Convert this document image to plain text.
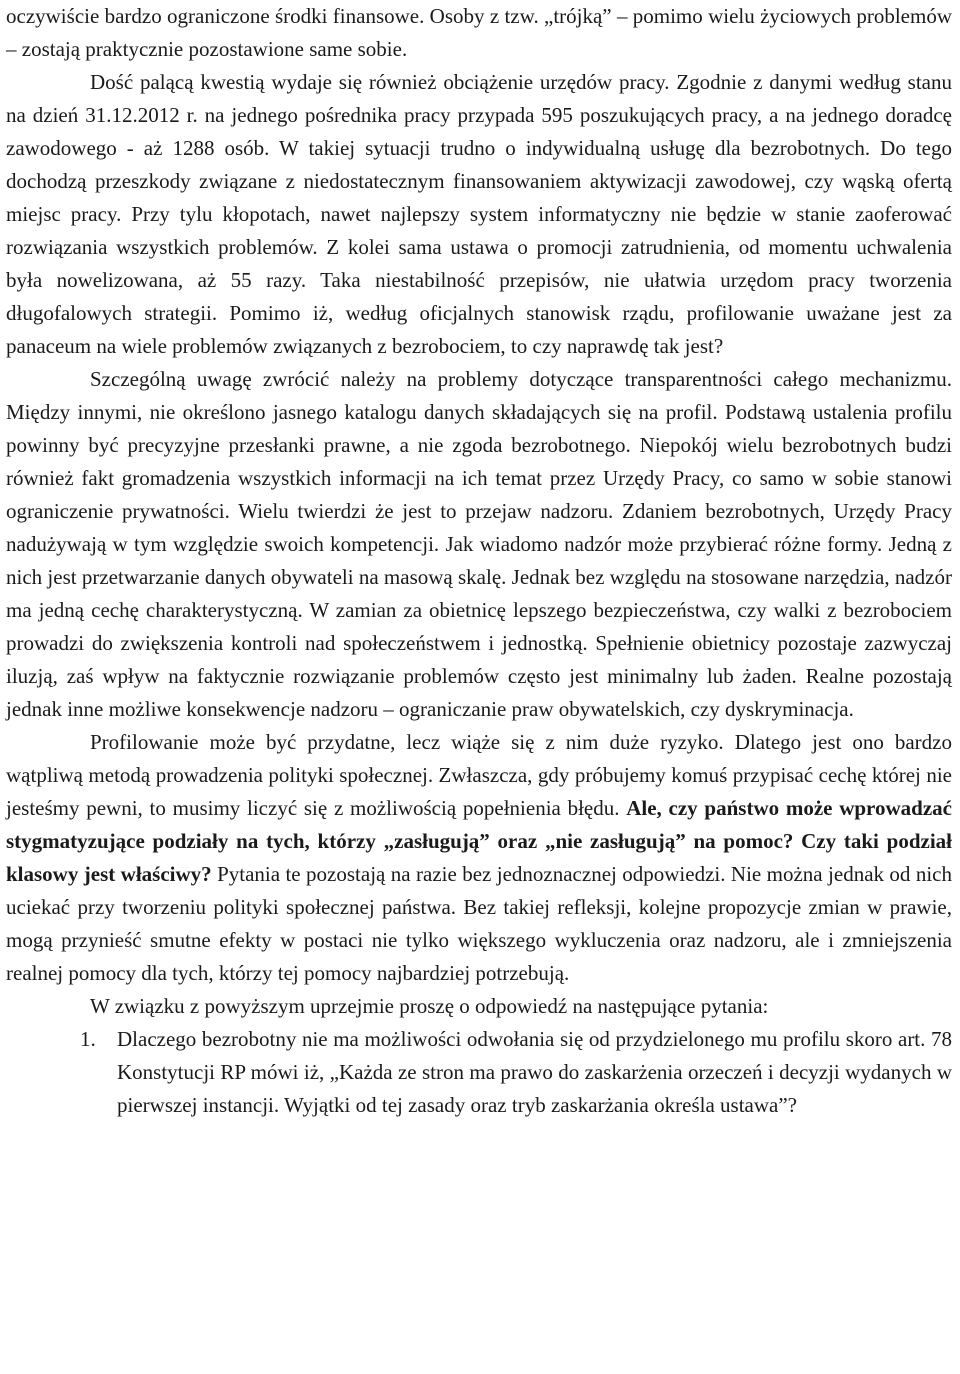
oczywiście bardzo ograniczone środki finansowe. Osoby z tzw. „trójką” – pomimo wielu życiowych problemów – zostają praktycznie pozostawione same sobie.

Dość palącą kwestią wydaje się również obciążenie urzędów pracy. Zgodnie z danymi według stanu na dzień 31.12.2012 r. na jednego pośrednika pracy przypada 595 poszukujących pracy, a na jednego doradcę zawodowego - aż 1288 osób. W takiej sytuacji trudno o indywidualną usługę dla bezrobotnych. Do tego dochodzą przeszkody związane z niedostatecznym finansowaniem aktywizacji zawodowej, czy wąską ofertą miejsc pracy. Przy tylu kłopotach, nawet najlepszy system informatyczny nie będzie w stanie zaoferować rozwiązania wszystkich problemów. Z kolei sama ustawa o promocji zatrudnienia, od momentu uchwalenia była nowelizowana, aż 55 razy. Taka niestabilność przepisów, nie ułatwia urzędom pracy tworzenia długofalowych strategii. Pomimo iż, według oficjalnych stanowisk rządu, profilowanie uważane jest za panaceum na wiele problemów związanych z bezrobociem, to czy naprawdę tak jest?

Szczególną uwagę zwrócić należy na problemy dotyczące transparentności całego mechanizmu. Między innymi, nie określono jasnego katalogu danych składających się na profil. Podstawą ustalenia profilu powinny być precyzyjne przesłanki prawne, a nie zgoda bezrobotnego. Niepokój wielu bezrobotnych budzi również fakt gromadzenia wszystkich informacji na ich temat przez Urzędy Pracy, co samo w sobie stanowi ograniczenie prywatności. Wielu twierdzi że jest to przejaw nadzoru. Zdaniem bezrobotnych, Urzędy Pracy nadużywają w tym względzie swoich kompetencji. Jak wiadomo nadzór może przybierać różne formy. Jedną z nich jest przetwarzanie danych obywateli na masową skalę. Jednak bez względu na stosowane narzędzia, nadzór ma jedną cechę charakterystyczną. W zamian za obietnicę lepszego bezpieczeństwa, czy walki z bezrobociem prowadzi do zwiększenia kontroli nad społeczeństwem i jednostką. Spełnienie obietnicy pozostaje zazwyczaj iluzją, zaś wpływ na faktycznie rozwiązanie problemów często jest minimalny lub żaden. Realne pozostają jednak inne możliwe konsekwencje nadzoru – ograniczanie praw obywatelskich, czy dyskryminacja.

Profilowanie może być przydatne, lecz wiąże się z nim duże ryzyko. Dlatego jest ono bardzo wątpliwą metodą prowadzenia polityki społecznej. Zwłaszcza, gdy próbujemy komuś przypisać cechę której nie jesteśmy pewni, to musimy liczyć się z możliwością popełnienia błędu. Ale, czy państwo może wprowadzać stygmatyzujące podziały na tych, którzy „zasługują” oraz „nie zasługują” na pomoc? Czy taki podział klasowy jest właściwy? Pytania te pozostają na razie bez jednoznacznej odpowiedzi. Nie można jednak od nich uciekać przy tworzeniu polityki społecznej państwa. Bez takiej refleksji, kolejne propozycje zmian w prawie, mogą przynieść smutne efekty w postaci nie tylko większego wykluczenia oraz nadzoru, ale i zmniejszenia realnej pomocy dla tych, którzy tej pomocy najbardziej potrzebują.

W związku z powyższym uprzejmie proszę o odpowiedź na następujące pytania:

1. Dlaczego bezrobotny nie ma możliwości odwołania się od przydzielonego mu profilu skoro art. 78 Konstytucji RP mówi iż, „Każda ze stron ma prawo do zaskarżenia orzeczeń i decyzji wydanych w pierwszej instancji. Wyjątki od tej zasady oraz tryb zaskarżania określa ustawa”?
